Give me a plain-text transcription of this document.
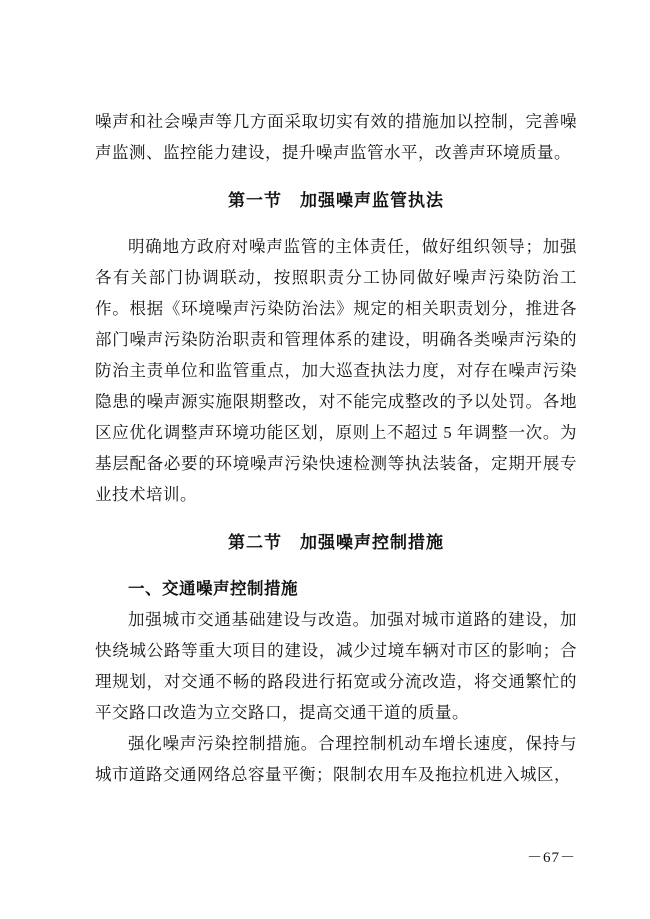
噪声和社会噪声等几方面采取切实有效的措施加以控制，完善噪声监测、监控能力建设，提升噪声监管水平，改善声环境质量。

第一节　加强噪声监管执法

明确地方政府对噪声监管的主体责任，做好组织领导；加强各有关部门协调联动，按照职责分工协同做好噪声污染防治工作。根据《环境噪声污染防治法》规定的相关职责划分，推进各部门噪声污染防治职责和管理体系的建设，明确各类噪声污染的防治主责单位和监管重点，加大巡查执法力度，对存在噪声污染隐患的噪声源实施限期整改，对不能完成整改的予以处罚。各地区应优化调整声环境功能区划，原则上不超过 5 年调整一次。为基层配备必要的环境噪声污染快速检测等执法装备，定期开展专业技术培训。

第二节　加强噪声控制措施
一、交通噪声控制措施

加强城市交通基础建设与改造。加强对城市道路的建设，加快绕城公路等重大项目的建设，减少过境车辆对市区的影响；合理规划，对交通不畅的路段进行拓宽或分流改造，将交通繁忙的平交路口改造为立交路口，提高交通干道的质量。

强化噪声污染控制措施。合理控制机动车增长速度，保持与城市道路交通网络总容量平衡；限制农用车及拖拉机进入城区，

－67－
